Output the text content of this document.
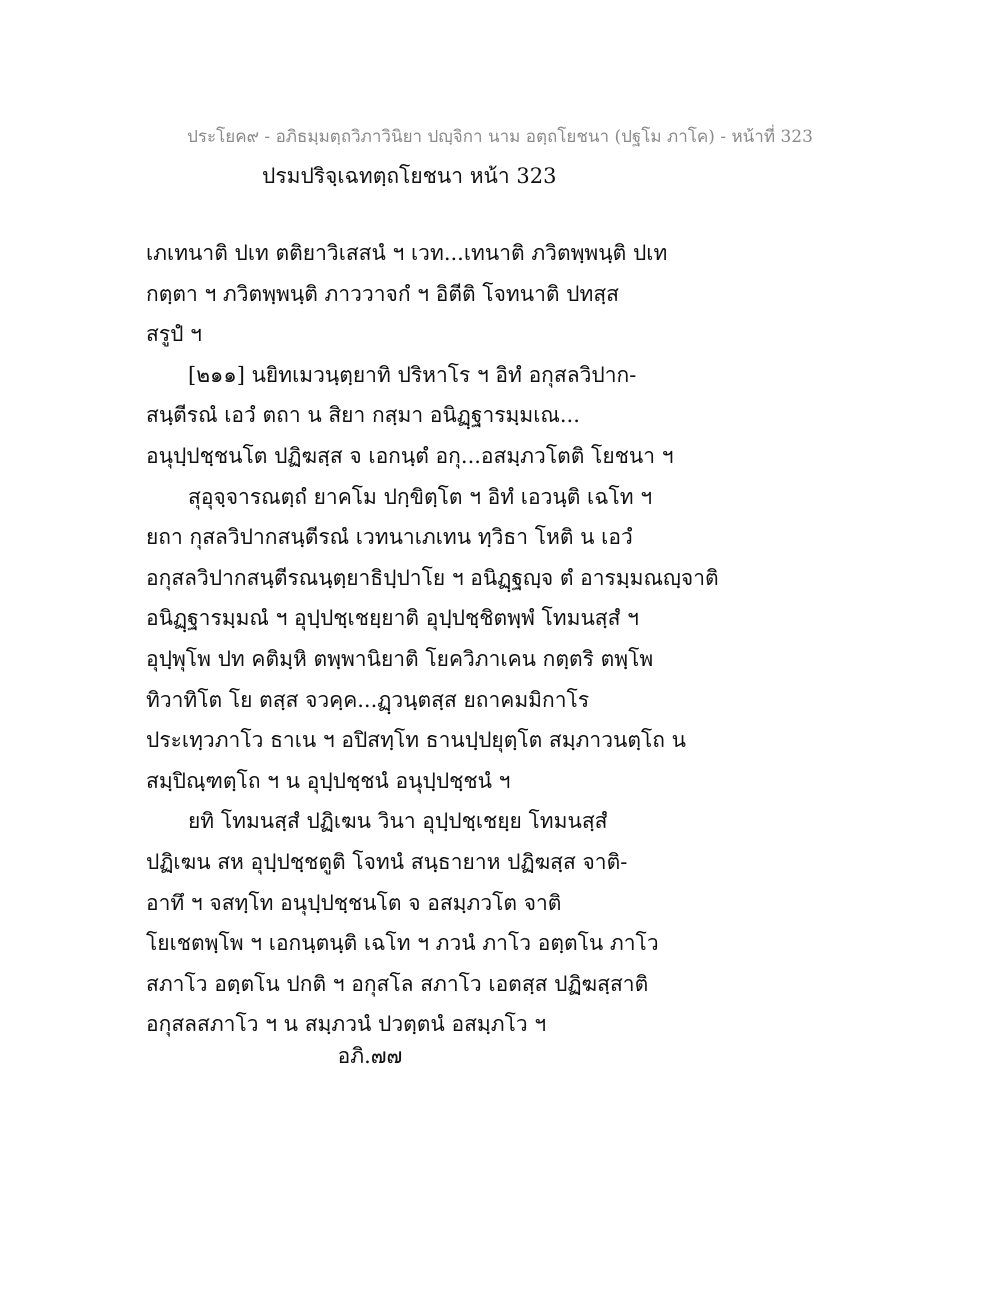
ประโยค๙ - อภิธมฺมตฺถวิภาวินิยา ปญฺจิกา นาม อตฺถโยชนา (ปฐโม ภาโค) - หน้าที่ 323
ปรมปริจฺเฉทตฺถโยชนา หน้า 323
เภเทนาติ ปเท ตติยาวิเสสนํ ฯ เวท...เทนาติ ภวิตพฺพนฺติ ปเท
กตฺตา ฯ ภวิตพฺพนฺติ ภาววาจกํ ฯ อิตีติ โจทนาติ ปทสฺส
สรูปํ ฯ
[๒๑๑] นยิทเมวนฺตฺยาทิ ปริหาโร ฯ อิทํ อกุสลวิปาก-
สนฺตีรณํ เอวํ ตถา น สิยา กสฺมา อนิฏฺฐารมฺมเณ...
อนุปฺปชฺชนโต ปฏิฆสฺส จ เอกนฺตํ อกุ...อสมฺภวโตติ โยชนา ฯ
สุอุจฺจารณตฺถํ ยาคโม ปกฺขิตฺโต ฯ อิทํ เอวนฺติ เฉโท ฯ
ยถา กุสลวิปากสนฺตีรณํ เวทนาเภเทน ทฺวิธา โหติ น เอวํ
อกุสลวิปากสนฺตีรณนฺตฺยาธิปฺปาโย ฯ อนิฏฺฐญฺจ ตํ อารมฺมณญฺจาติ
อนิฏฺฐารมฺมณํ ฯ อุปฺปชฺเชยฺยาติ อุปฺปชฺชิตพฺพํ โทมนสฺสํ ฯ
อุปฺพุโพ ปท คติมฺหิ ตพฺพานิยาติ โยควิภาเคน กตฺตริ ตพฺโพ
ทิวาทิโต โย ตสฺส จวคฺค...ฏฺวนฺตสฺส ยถาคมมิกาโร
ประเทฺวภาโว ธาเน ฯ อปิสทฺโท ธานปฺปยุตฺโต สมฺภาวนตฺโถ น
สมฺปิณฺฑตฺโถ ฯ น อุปฺปชฺชนํ อนุปฺปชฺชนํ ฯ
ยทิ โทมนสฺสํ ปฏิเฆน วินา อุปฺปชฺเชยฺย โทมนสฺสํ
ปฏิเฆน สห อุปฺปชฺชตูติ โจทนํ สนฺธายาห ปฏิฆสฺส จาติ-
อาทึ ฯ จสทฺโท อนุปฺปชฺชนโต จ อสมฺภวโต จาติ
โยเชตพฺโพ ฯ เอกนฺตนฺติ เฉโท ฯ ภวนํ ภาโว อตฺตโน ภาโว
สภาโว อตฺตโน ปกติ ฯ อกุสโล สภาโว เอตสฺส ปฏิฆสฺสาติ
อกุสลสภาโว ฯ น สมฺภวนํ ปวตฺตนํ อสมฺภโว ฯ
อภิ.๗๗
